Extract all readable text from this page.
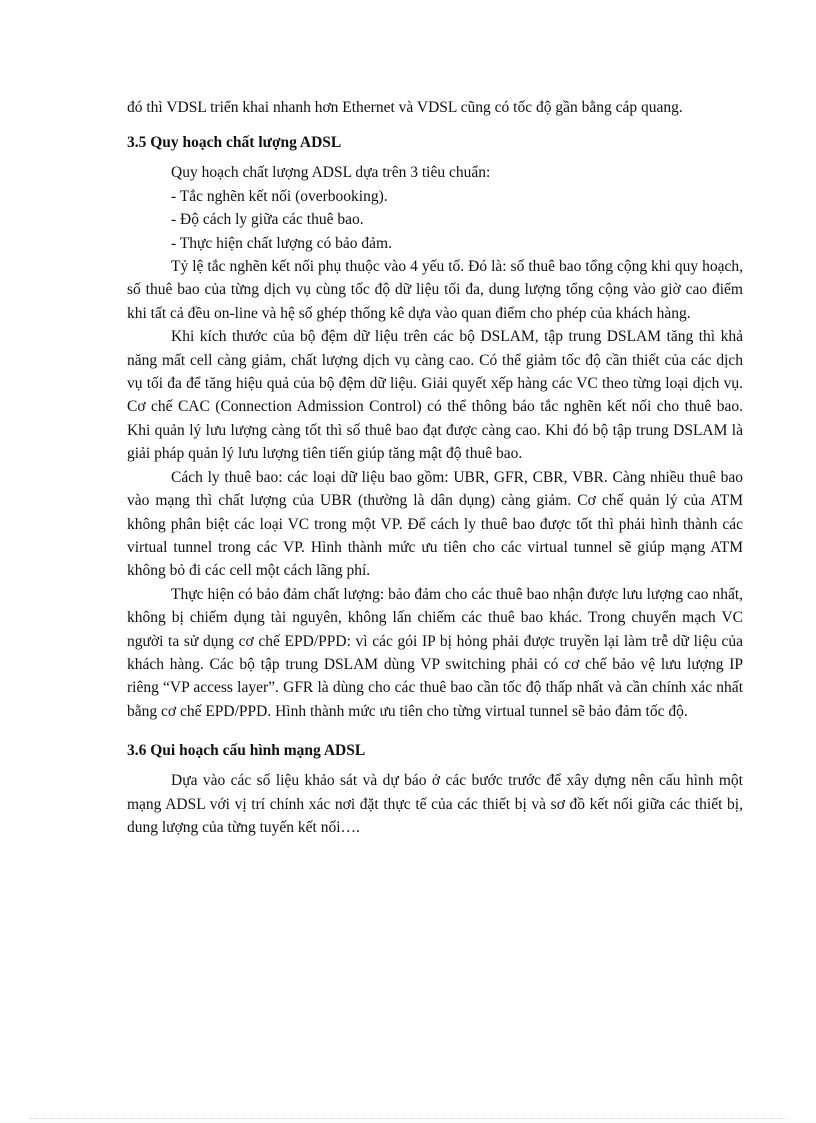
đó thì VDSL triển khai nhanh hơn Ethernet và VDSL cũng có tốc độ gần bằng cáp quang.

3.5 Quy hoạch chất lượng ADSL

Quy hoạch chất lượng ADSL dựa trên 3 tiêu chuẩn:

- Tắc nghẽn kết nối (overbooking).

- Độ cách ly giữa các thuê bao.

- Thực hiện chất lượng có bảo đảm.

Tỷ lệ tắc nghẽn kết nối phụ thuộc vào 4 yếu tố. Đó là: số thuê bao tổng cộng khi quy hoạch, số thuê bao của từng dịch vụ cùng tốc độ dữ liệu tối đa, dung lượng tổng cộng vào giờ cao điểm khi tất cả đều on-line và hệ số ghép thống kê dựa vào quan điểm cho phép của khách hàng.

Khi kích thước của bộ đệm dữ liệu trên các bộ DSLAM, tập trung DSLAM tăng thì khả năng mất cell càng giảm, chất lượng dịch vụ càng cao. Có thể giảm tốc độ cần thiết của các dịch vụ tối đa để tăng hiệu quả của bộ đệm dữ liệu. Giải quyết xếp hàng các VC theo từng loại dịch vụ. Cơ chế CAC (Connection Admission Control) có thể thông báo tắc nghẽn kết nối cho thuê bao. Khi quản lý lưu lượng càng tốt thì số thuê bao đạt được càng cao. Khi đó bộ tập trung DSLAM là giải pháp quản lý lưu lượng tiên tiến giúp tăng mật độ thuê bao.

Cách ly thuê bao: các loại dữ liệu bao gồm: UBR, GFR, CBR, VBR. Càng nhiều thuê bao vào mạng thì chất lượng của UBR (thường là dân dụng) càng giảm. Cơ chế quản lý của ATM không phân biệt các loại VC trong một VP. Để cách ly thuê bao được tốt thì phải hình thành các virtual tunnel trong các VP. Hình thành mức ưu tiên cho các virtual tunnel sẽ giúp mạng ATM không bỏ đi các cell một cách lãng phí.

Thực hiện có bảo đảm chất lượng: bảo đảm cho các thuê bao nhận được lưu lượng cao nhất, không bị chiếm dụng tài nguyên, không lấn chiếm các thuê bao khác. Trong chuyển mạch VC người ta sử dụng cơ chế EPD/PPD: vì các gói IP bị hỏng phải được truyền lại làm trễ dữ liệu của khách hàng. Các bộ tập trung DSLAM dùng VP switching phải có cơ chế bảo vệ lưu lượng IP riêng “VP access layer”. GFR là dùng cho các thuê bao cần tốc độ thấp nhất và cần chính xác nhất bằng cơ chế EPD/PPD. Hình thành mức ưu tiên cho từng virtual tunnel sẽ bảo đảm tốc độ.

3.6 Qui hoạch cấu hình mạng ADSL

Dựa vào các số liệu khảo sát và dự báo ở các bước trước để xây dựng nên cấu hình một mạng ADSL với vị trí chính xác nơi đặt thực tế của các thiết bị và sơ đồ kết nối giữa các thiết bị, dung lượng của từng tuyến kết nối….
